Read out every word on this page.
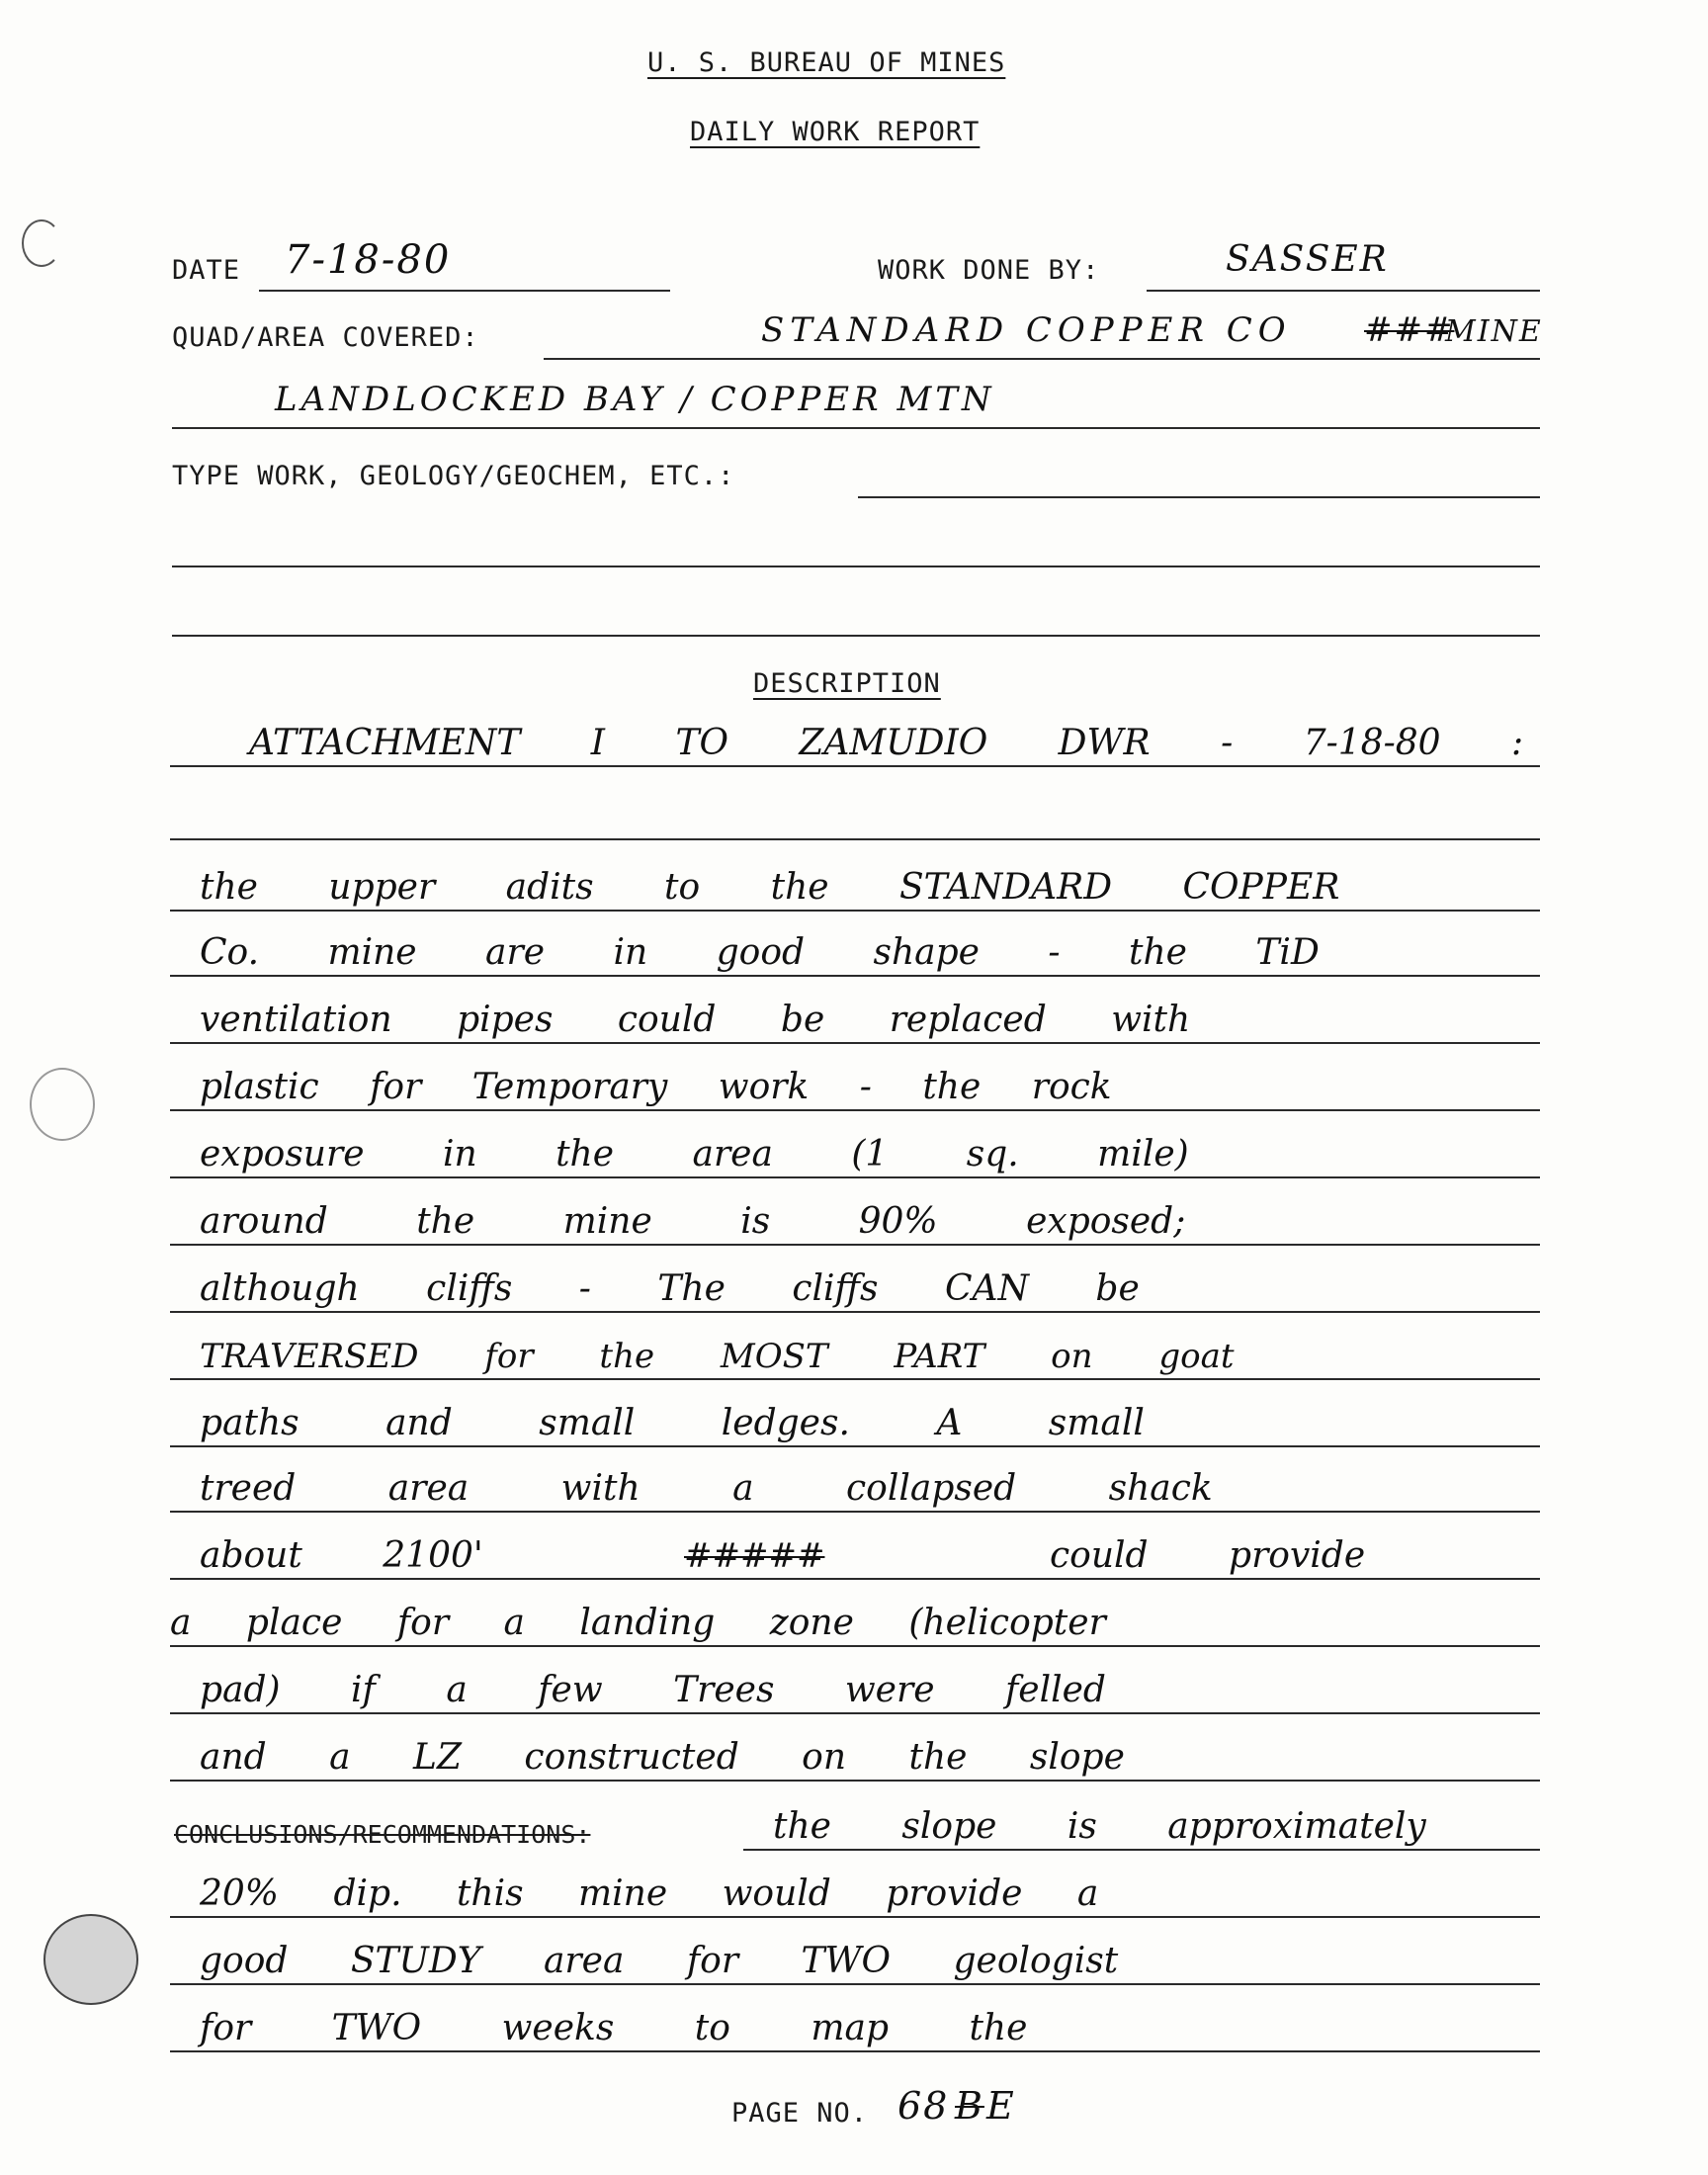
U. S. BUREAU OF MINES
DAILY WORK REPORT
DATE 7-18-80	WORK DONE BY:	SASSER
QUAD/AREA COVERED:	STANDARD COPPER CO ###
MINE
LANDLOCKED BAY / COPPER MTN
TYPE WORK, GEOLOGY/GEOCHEM, ETC.:
DESCRIPTION
ATTACHMENT I TO ZAMUDIO DWR - 7-18-80 :
the upper adits to the STANDARD COPPER
Co. mine are in good shape - the TiD
ventilation pipes could be replaced with
plastic for Temporary work - the rock
exposure in the area (1 sq. mile)
around the mine is 90% exposed;
although cliffs - The cliffs CAN be
TRAVERSED for the MOST PART on goat
paths and small ledges. A small
treed area with a collapsed shack
about 2100'	#####	could provide
a place for a landing zone (helicopter
pad) if a few Trees were felled
and a LZ constructed on the slope
CONCLUSIONS/RECOMMENDATIONS:	the slope is approximately
20% dip. this mine would provide a
good STUDY area for TWO geologist
for TWO weeks to map the
PAGE NO. 68 B E
